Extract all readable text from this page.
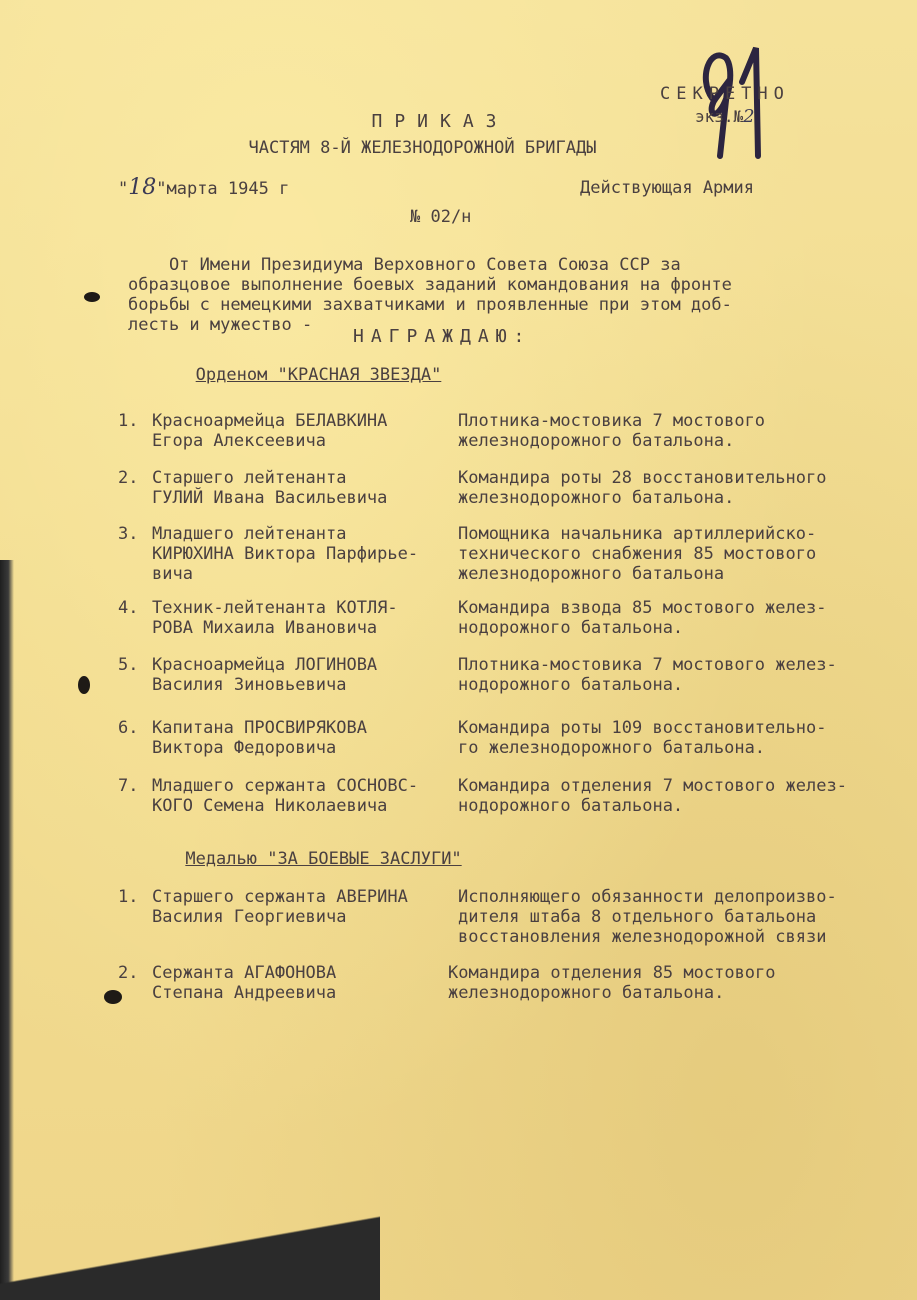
СЕКРЕТНО
экз.№2
ПРИКАЗ
ЧАСТЯМ 8-Й ЖЕЛЕЗНОДОРОЖНОЙ БРИГАДЫ
"18"марта 1945 г	Действующая Армия
№ 02/н
От Имени Президиума Верховного Совета Союза ССР за
образцовое выполнение боевых заданий командования на фронте
борьбы с немецкими захватчиками и проявленные при этом доб-
лесть и мужество -
НАГРАЖДАЮ:
Орденом "КРАСНАЯ ЗВЕЗДА"
1. Красноармейца БЕЛАВКИНА
Егора Алексеевича
Плотника-мостовика 7 мостового
железнодорожного батальона.
2. Старшего лейтенанта
ГУЛИЙ Ивана Васильевича
Командира роты 28 восстановительного
железнодорожного батальона.
3. Младшего лейтенанта
КИРЮХИНА Виктора Парфирье-
вича
Помощника начальника артиллерийско-
технического снабжения 85 мостового
железнодорожного батальона
4. Техник-лейтенанта КОТЛЯ-
РОВА Михаила Ивановича
Командира взвода 85 мостового желез-
нодорожного батальона.
5. Красноармейца ЛОГИНОВА
Василия Зиновьевича
Плотника-мостовика 7 мостового желез-
нодорожного батальона.
6. Капитана ПРОСВИРЯКОВА
Виктора Федоровича
Командира роты 109 восстановительно-
го железнодорожного батальона.
7. Младшего сержанта СОСНОВС-
КОГО Семена Николаевича
Командира отделения 7 мостового желез-
нодорожного батальона.
Медалью "ЗА БОЕВЫЕ ЗАСЛУГИ"
1. Старшего сержанта АВЕРИНА
Василия Георгиевича
Исполняющего обязанности делопроизво-
дителя штаба 8 отдельного батальона
восстановления железнодорожной связи
2. Сержанта АГАФОНОВА
Степана Андреевича
Командира отделения 85 мостового
железнодорожного батальона.
